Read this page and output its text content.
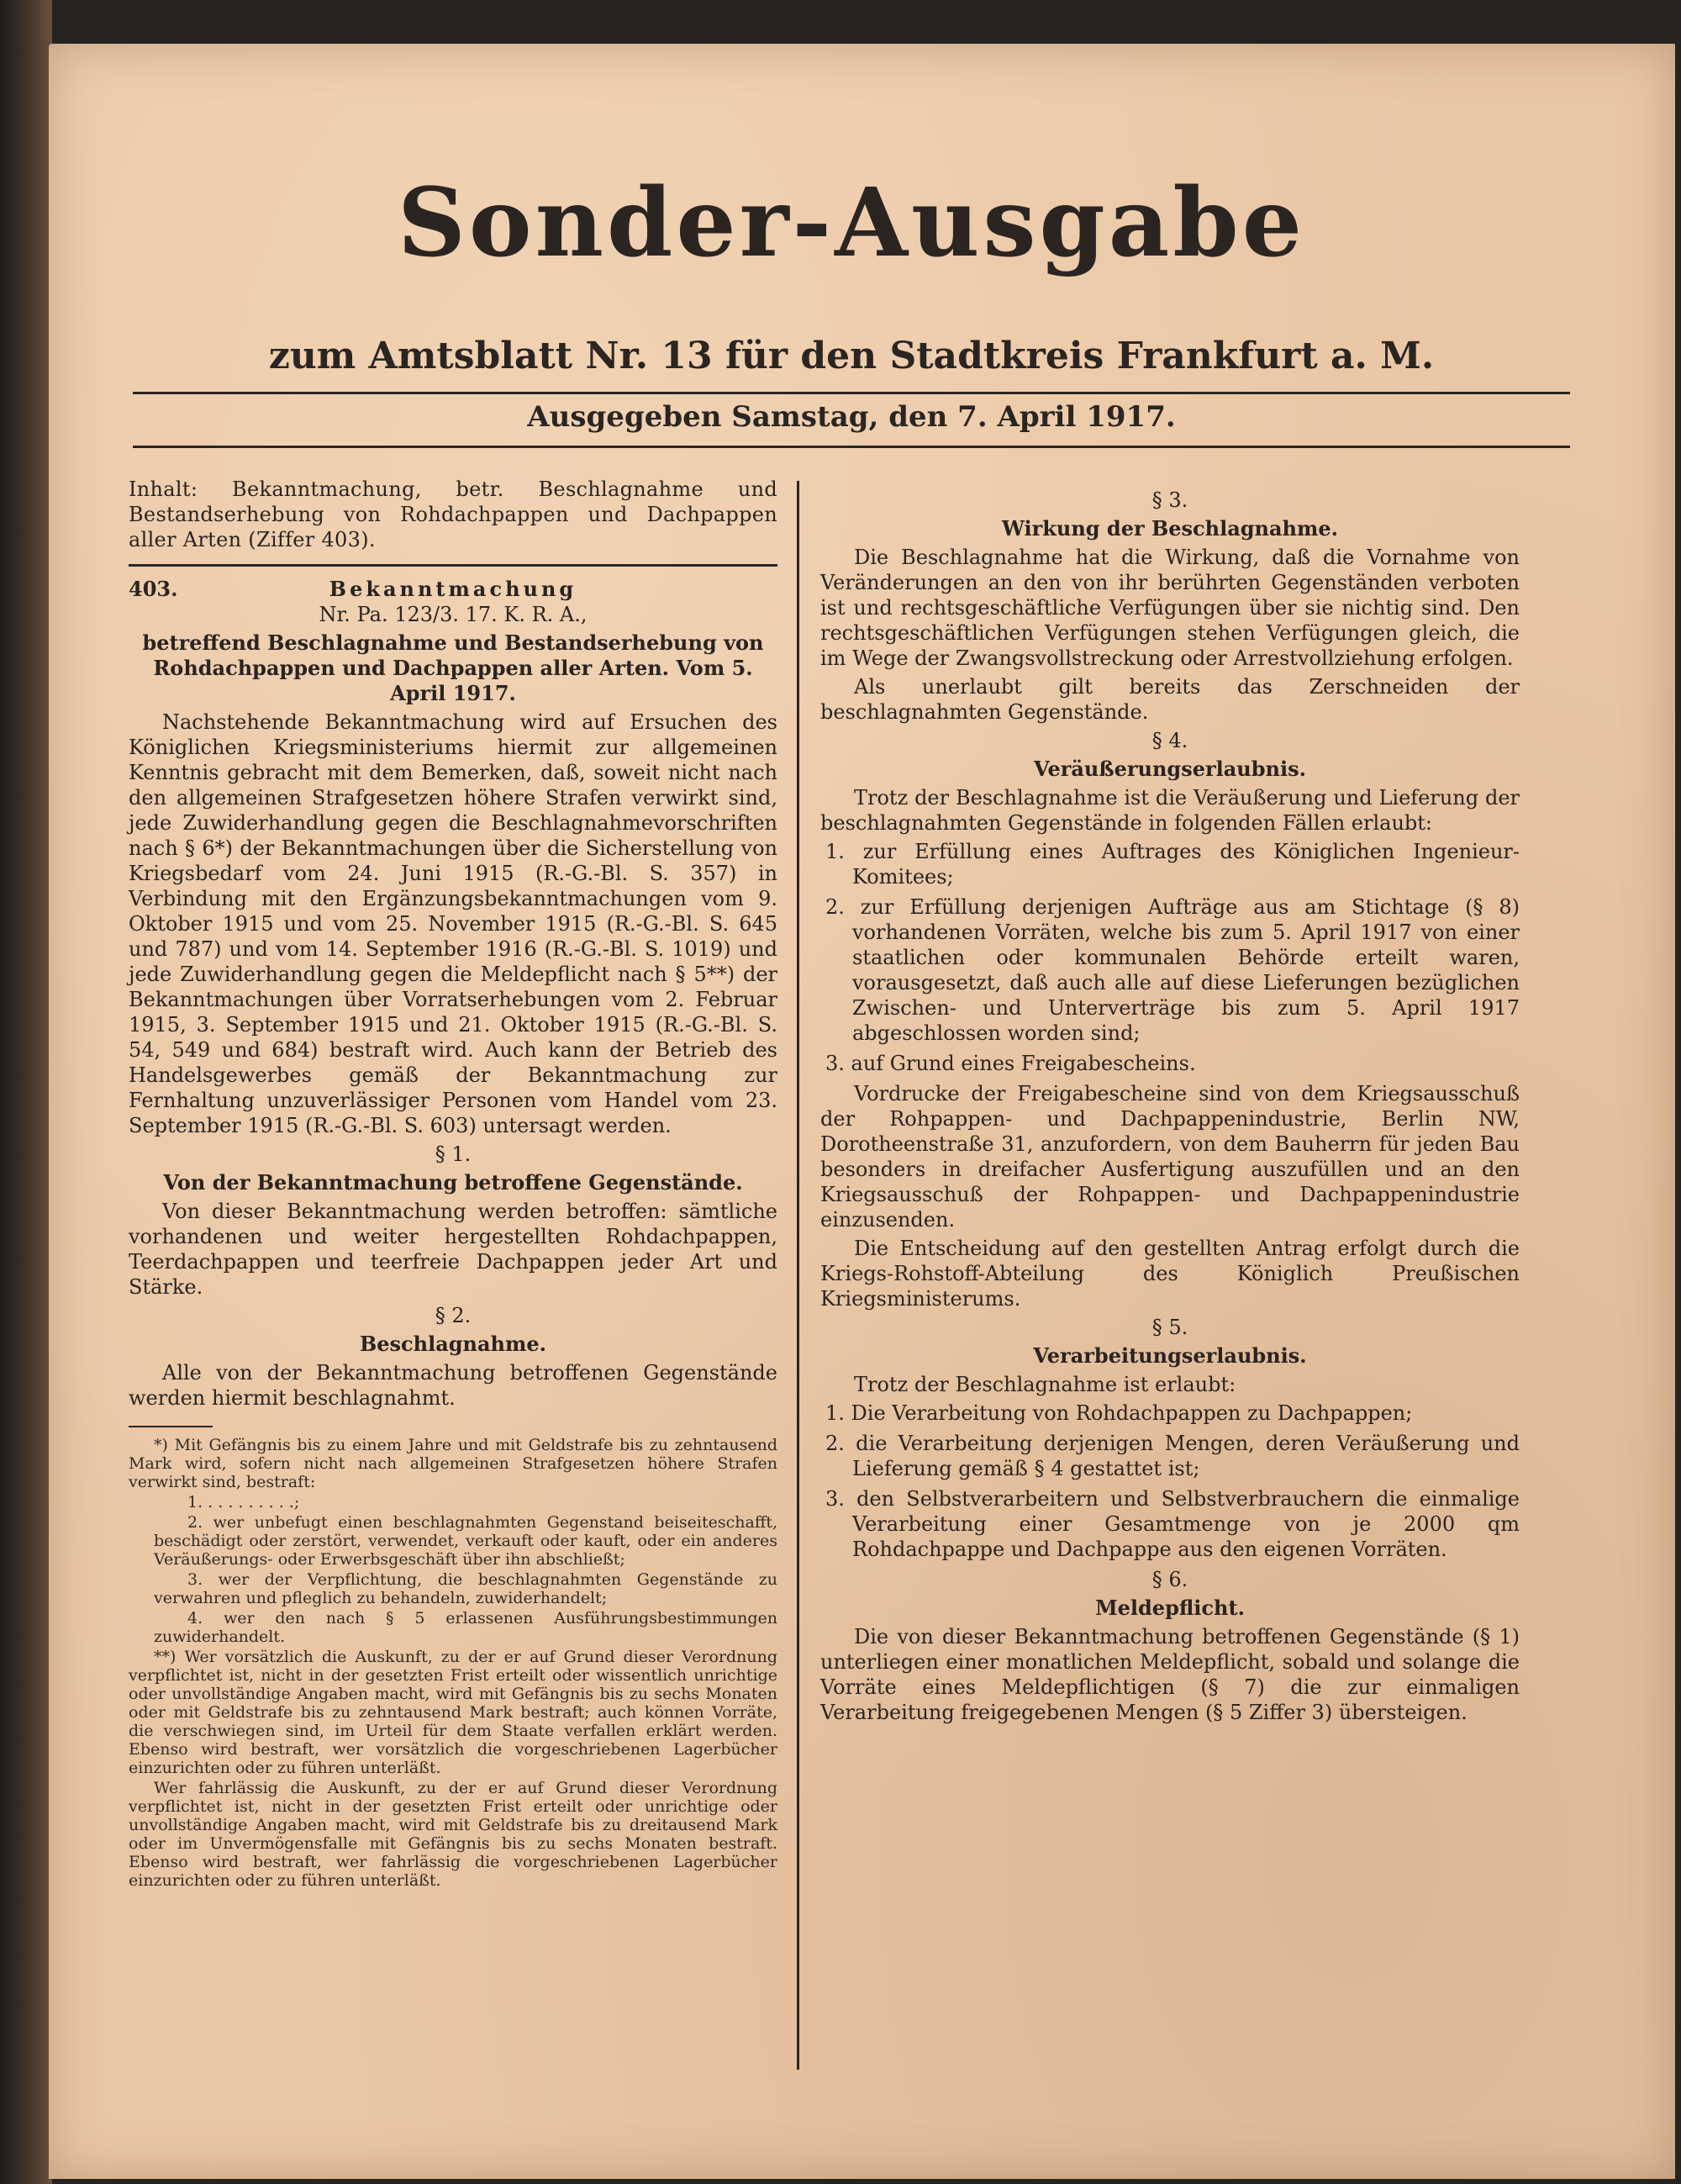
Sonder-Ausgabe
zum Amtsblatt Nr. 13 für den Stadtkreis Frankfurt a. M.
Ausgegeben Samstag, den 7. April 1917.

Inhalt: Bekanntmachung, betr. Beschlagnahme und Bestandserhebung von Rohdachpappen und Dachpappen aller Arten (Ziffer 403).

403.	Bekanntmachung

Nr. Pa. 123/3. 17. K. R. A.,

betreffend Beschlagnahme und Bestandserhebung von Rohdachpappen und Dachpappen aller Arten. Vom 5. April 1917.

Nachstehende Bekanntmachung wird auf Ersuchen des Königlichen Kriegsministeriums hiermit zur allgemeinen Kenntnis gebracht mit dem Bemerken, daß, soweit nicht nach den allgemeinen Strafgesetzen höhere Strafen verwirkt sind, jede Zuwiderhandlung gegen die Beschlagnahmevorschriften nach § 6*) der Bekanntmachungen über die Sicherstellung von Kriegsbedarf vom 24. Juni 1915 (R.-G.-Bl. S. 357) in Verbindung mit den Ergänzungsbekanntmachungen vom 9. Oktober 1915 und vom 25. November 1915 (R.-G.-Bl. S. 645 und 787) und vom 14. September 1916 (R.-G.-Bl. S. 1019) und jede Zuwiderhandlung gegen die Meldepflicht nach § 5**) der Bekanntmachungen über Vorratserhebungen vom 2. Februar 1915, 3. September 1915 und 21. Oktober 1915 (R.-G.-Bl. S. 54, 549 und 684) bestraft wird. Auch kann der Betrieb des Handelsgewerbes gemäß der Bekanntmachung zur Fernhaltung unzuverlässiger Personen vom Handel vom 23. September 1915 (R.-G.-Bl. S. 603) untersagt werden.

§ 1.

Von der Bekanntmachung betroffene Gegenstände.

Von dieser Bekanntmachung werden betroffen: sämtliche vorhandenen und weiter hergestellten Rohdachpappen, Teerdachpappen und teerfreie Dachpappen jeder Art und Stärke.

§ 2.

Beschlagnahme.

Alle von der Bekanntmachung betroffenen Gegenstände werden hiermit beschlagnahmt.

*) Mit Gefängnis bis zu einem Jahre und mit Geldstrafe bis zu zehntausend Mark wird, sofern nicht nach allgemeinen Strafgesetzen höhere Strafen verwirkt sind, bestraft:

1. . . . . . . . . .;

2. wer unbefugt einen beschlagnahmten Gegenstand beiseiteschafft, beschädigt oder zerstört, verwendet, verkauft oder kauft, oder ein anderes Veräußerungs- oder Erwerbsgeschäft über ihn abschließt;

3. wer der Verpflichtung, die beschlagnahmten Gegenstände zu verwahren und pfleglich zu behandeln, zuwiderhandelt;

4. wer den nach § 5 erlassenen Ausführungsbestimmungen zuwiderhandelt.

**) Wer vorsätzlich die Auskunft, zu der er auf Grund dieser Verordnung verpflichtet ist, nicht in der gesetzten Frist erteilt oder wissentlich unrichtige oder unvollständige Angaben macht, wird mit Gefängnis bis zu sechs Monaten oder mit Geldstrafe bis zu zehntausend Mark bestraft; auch können Vorräte, die verschwiegen sind, im Urteil für dem Staate verfallen erklärt werden. Ebenso wird bestraft, wer vorsätzlich die vorgeschriebenen Lagerbücher einzurichten oder zu führen unterläßt.

Wer fahrlässig die Auskunft, zu der er auf Grund dieser Verordnung verpflichtet ist, nicht in der gesetzten Frist erteilt oder unrichtige oder unvollständige Angaben macht, wird mit Geldstrafe bis zu dreitausend Mark oder im Unvermögensfalle mit Gefängnis bis zu sechs Monaten bestraft. Ebenso wird bestraft, wer fahrlässig die vorgeschriebenen Lagerbücher einzurichten oder zu führen unterläßt.

§ 3.

Wirkung der Beschlagnahme.

Die Beschlagnahme hat die Wirkung, daß die Vornahme von Veränderungen an den von ihr berührten Gegenständen verboten ist und rechtsgeschäftliche Verfügungen über sie nichtig sind. Den rechtsgeschäftlichen Verfügungen stehen Verfügungen gleich, die im Wege der Zwangsvollstreckung oder Arrestvollziehung erfolgen.

Als unerlaubt gilt bereits das Zerschneiden der beschlagnahmten Gegenstände.

§ 4.

Veräußerungserlaubnis.

Trotz der Beschlagnahme ist die Veräußerung und Lieferung der beschlagnahmten Gegenstände in folgenden Fällen erlaubt:

1. zur Erfüllung eines Auftrages des Königlichen Ingenieur-Komitees;
2. zur Erfüllung derjenigen Aufträge aus am Stichtage (§ 8) vorhandenen Vorräten, welche bis zum 5. April 1917 von einer staatlichen oder kommunalen Behörde erteilt waren, vorausgesetzt, daß auch alle auf diese Lieferungen bezüglichen Zwischen- und Unterverträge bis zum 5. April 1917 abgeschlossen worden sind;
3. auf Grund eines Freigabescheins.

Vordrucke der Freigabescheine sind von dem Kriegsausschuß der Rohpappen- und Dachpappenindustrie, Berlin NW, Dorotheenstraße 31, anzufordern, von dem Bauherrn für jeden Bau besonders in dreifacher Ausfertigung auszufüllen und an den Kriegsausschuß der Rohpappen- und Dachpappenindustrie einzusenden.

Die Entscheidung auf den gestellten Antrag erfolgt durch die Kriegs-Rohstoff-Abteilung des Königlich Preußischen Kriegsministerums.

§ 5.

Verarbeitungserlaubnis.

Trotz der Beschlagnahme ist erlaubt:

1. Die Verarbeitung von Rohdachpappen zu Dachpappen;
2. die Verarbeitung derjenigen Mengen, deren Veräußerung und Lieferung gemäß § 4 gestattet ist;
3. den Selbstverarbeitern und Selbstverbrauchern die einmalige Verarbeitung einer Gesamtmenge von je 2000 qm Rohdachpappe und Dachpappe aus den eigenen Vorräten.

§ 6.

Meldepflicht.

Die von dieser Bekanntmachung betroffenen Gegenstände (§ 1) unterliegen einer monatlichen Meldepflicht, sobald und solange die Vorräte eines Meldepflichtigen (§ 7) die zur einmaligen Verarbeitung freigegebenen Mengen (§ 5 Ziffer 3) übersteigen.
